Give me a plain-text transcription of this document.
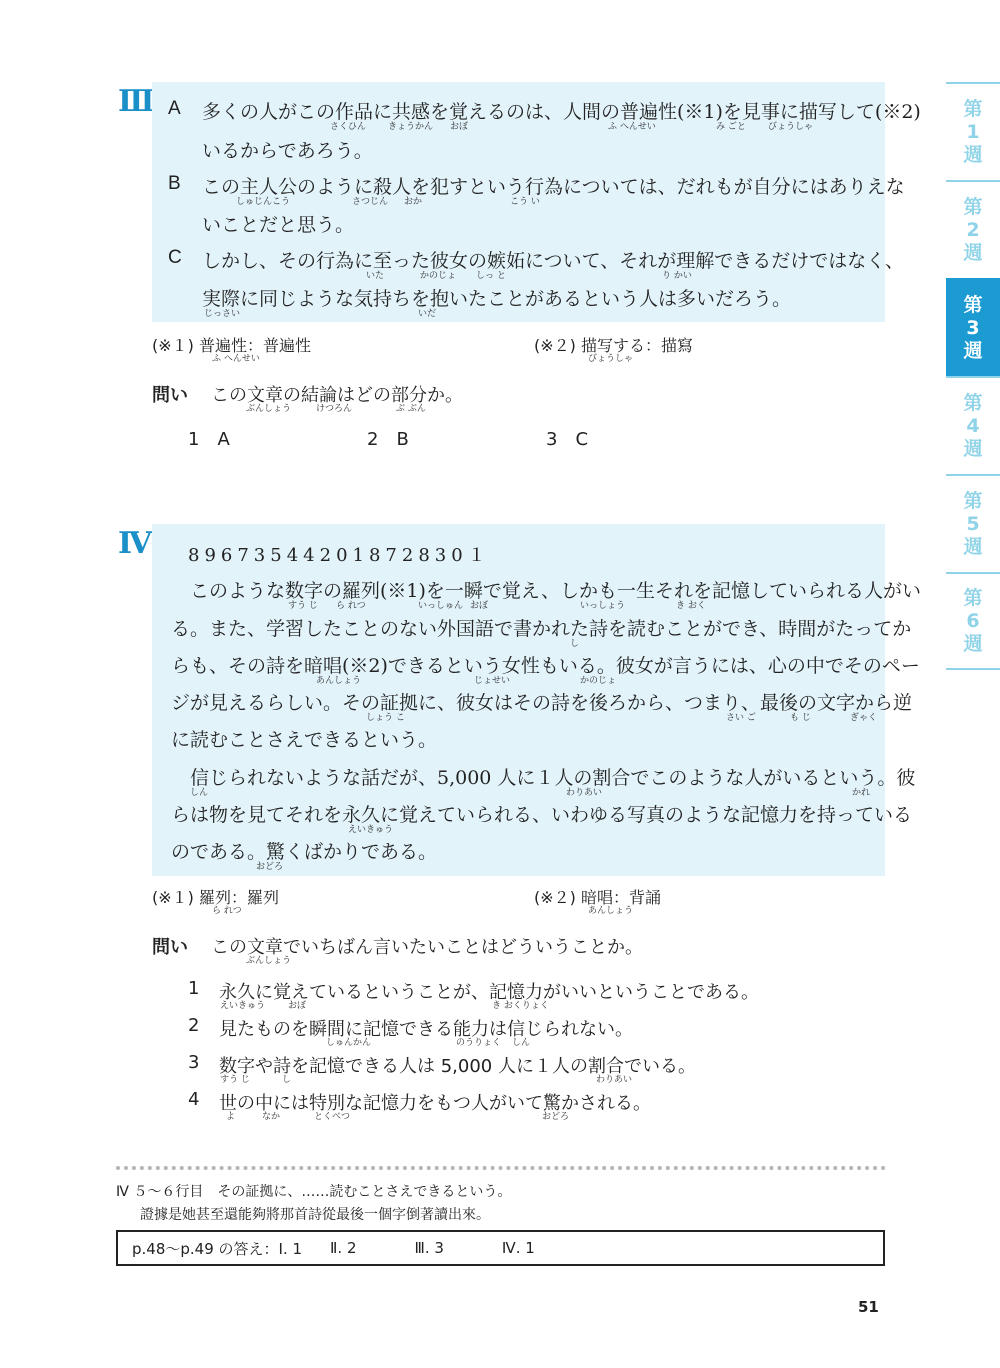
第
1
週
第
2
週
第
3
週
第
4
週
第
5
週
第
6
週
Ⅲ A 多くの人がこの作品に共感を覚えるのは、人間の普遍性(※1)を見事に描写して(※2)
いるからであろう。
B この主人公のように殺人を犯すという行為については、だれもが自分にはありえな
いことだと思う。
C しかし、その行為に至った彼女の嫉妬について、それが理解できるだけではなく、
実際に同じような気持ちを抱いたことがあるという人は多いだろう。
さくひん きょうかん おぼ	ふ へんせい	み ごと びょうしゃ
しゅじんこう	さつじん おか	こう い
いた	かのじょ しっ と	り かい
じっさい	いだ
(※１) 普遍性：普遍性
ふ へんせい
(※２) 描写する：描寫
びょうしゃ
問い この文章の結論はどの部分か。
ぶんしょう	けつろん	ぶ ぶん
1　A	2　B	3　C
Ⅳ 89673544201872830１
　このような数字の羅列(※1)を一瞬で覚え、しかも一生それを記憶していられる人がい
る。また、学習したことのない外国語で書かれた詩を読むことができ、時間がたってか
らも、その詩を暗唱(※2)できるという女性もいる。彼女が言うには、心の中でそのペー
ジが見えるらしい。その証拠に、彼女はその詩を後ろから、つまり、最後の文字から逆
に読むことさえできるという。
　信じられないような話だが、5,000 人に１人の割合でこのような人がいるという。彼
らは物を見てそれを永久に覚えていられる、いわゆる写真のような記憶力を持っている
のである。驚くばかりである。
すう じ ら れつ	いっしゅん おぼ	いっしょう	き おく
し
あんしょう	じょせい	かのじょ
しょう こ	さい ご	も じ	ぎゃく
しん	わりあい	かれ
えいきゅう
おどろ
(※１) 羅列：羅列
ら れつ
(※２) 暗唱：背誦
あんしょう
問い この文章でいちばん言いたいことはどういうことか。
ぶんしょう
1 永久に覚えているということが、記憶力がいいということである。
えいきゅう	おぼ	き おくりょく
2 見たものを瞬間に記憶できる能力は信じられない。
しゅんかん	のうりょく しん
3 数字や詩を記憶できる人は 5,000 人に１人の割合でいる。
すう じ	し	わりあい
4 世の中には特別な記憶力をもつ人がいて驚かされる。
よ	なか	とくべつ	おどろ
Ⅳ ５～６行目　その証拠に、……読むことさえできるという。
證據是她甚至還能夠將那首詩從最後一個字倒著讀出來。
p.48～p.49 の答え：Ⅰ. 1 Ⅱ. 2	Ⅲ. 3	Ⅳ. 1
51
